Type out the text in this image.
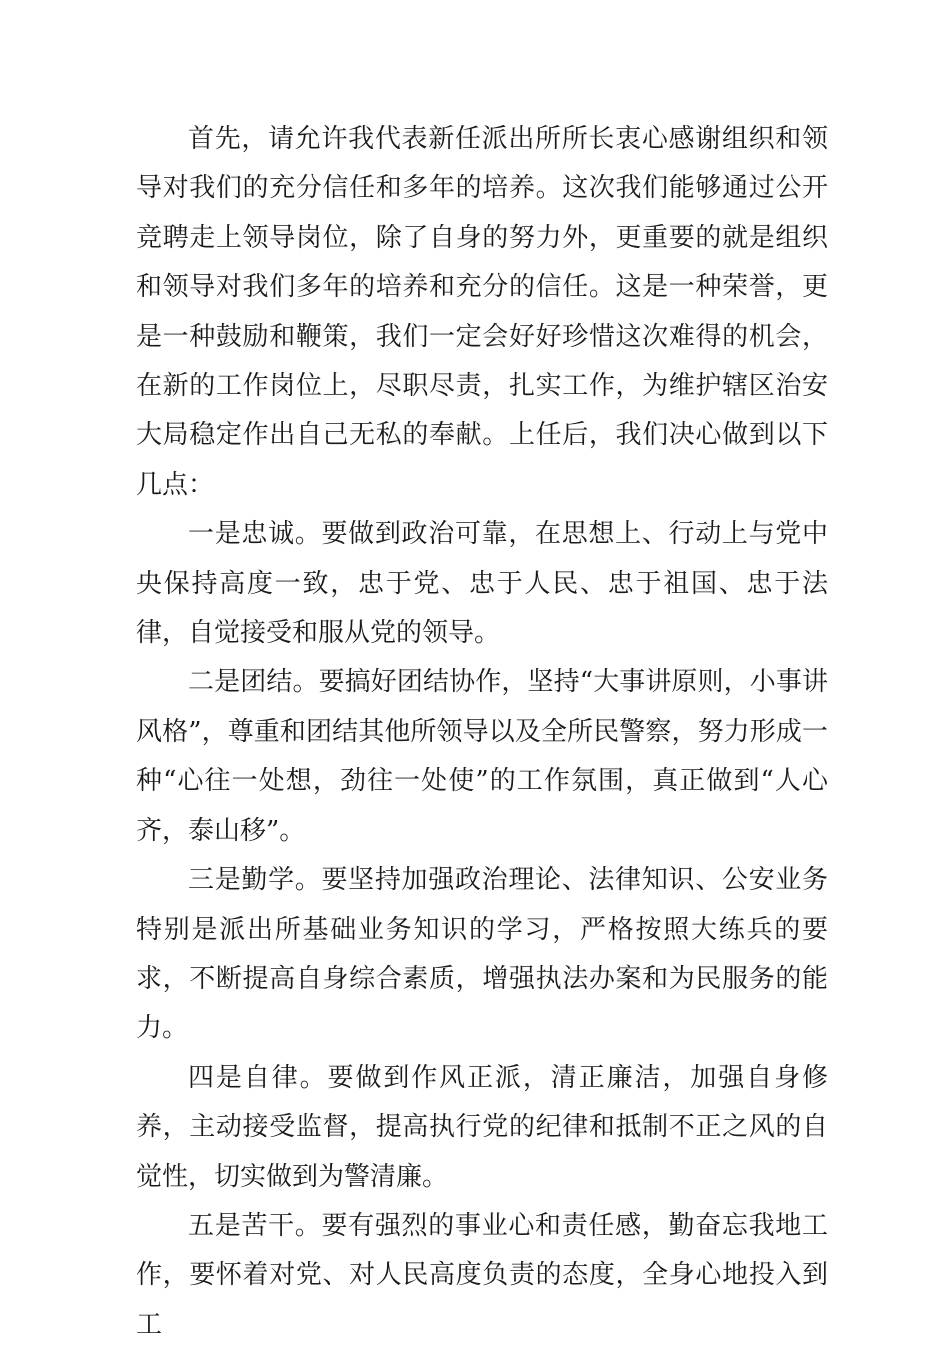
首先，请允许我代表新任派出所所长衷心感谢组织和领导对我们的充分信任和多年的培养。这次我们能够通过公开竞聘走上领导岗位，除了自身的努力外，更重要的就是组织和领导对我们多年的培养和充分的信任。这是一种荣誉，更是一种鼓励和鞭策，我们一定会好好珍惜这次难得的机会，在新的工作岗位上，尽职尽责，扎实工作，为维护辖区治安大局稳定作出自己无私的奉献。上任后，我们决心做到以下几点：

一是忠诚。要做到政治可靠，在思想上、行动上与党中央保持高度一致，忠于党、忠于人民、忠于祖国、忠于法律，自觉接受和服从党的领导。

二是团结。要搞好团结协作，坚持“大事讲原则，小事讲风格”，尊重和团结其他所领导以及全所民警察，努力形成一种“心往一处想，劲往一处使”的工作氛围，真正做到“人心齐，泰山移”。

三是勤学。要坚持加强政治理论、法律知识、公安业务特别是派出所基础业务知识的学习，严格按照大练兵的要求，不断提高自身综合素质，增强执法办案和为民服务的能力。

四是自律。要做到作风正派，清正廉洁，加强自身修养，主动接受监督，提高执行党的纪律和抵制不正之风的自觉性，切实做到为警清廉。

五是苦干。要有强烈的事业心和责任感，勤奋忘我地工作，要怀着对党、对人民高度负责的态度，全身心地投入到工
